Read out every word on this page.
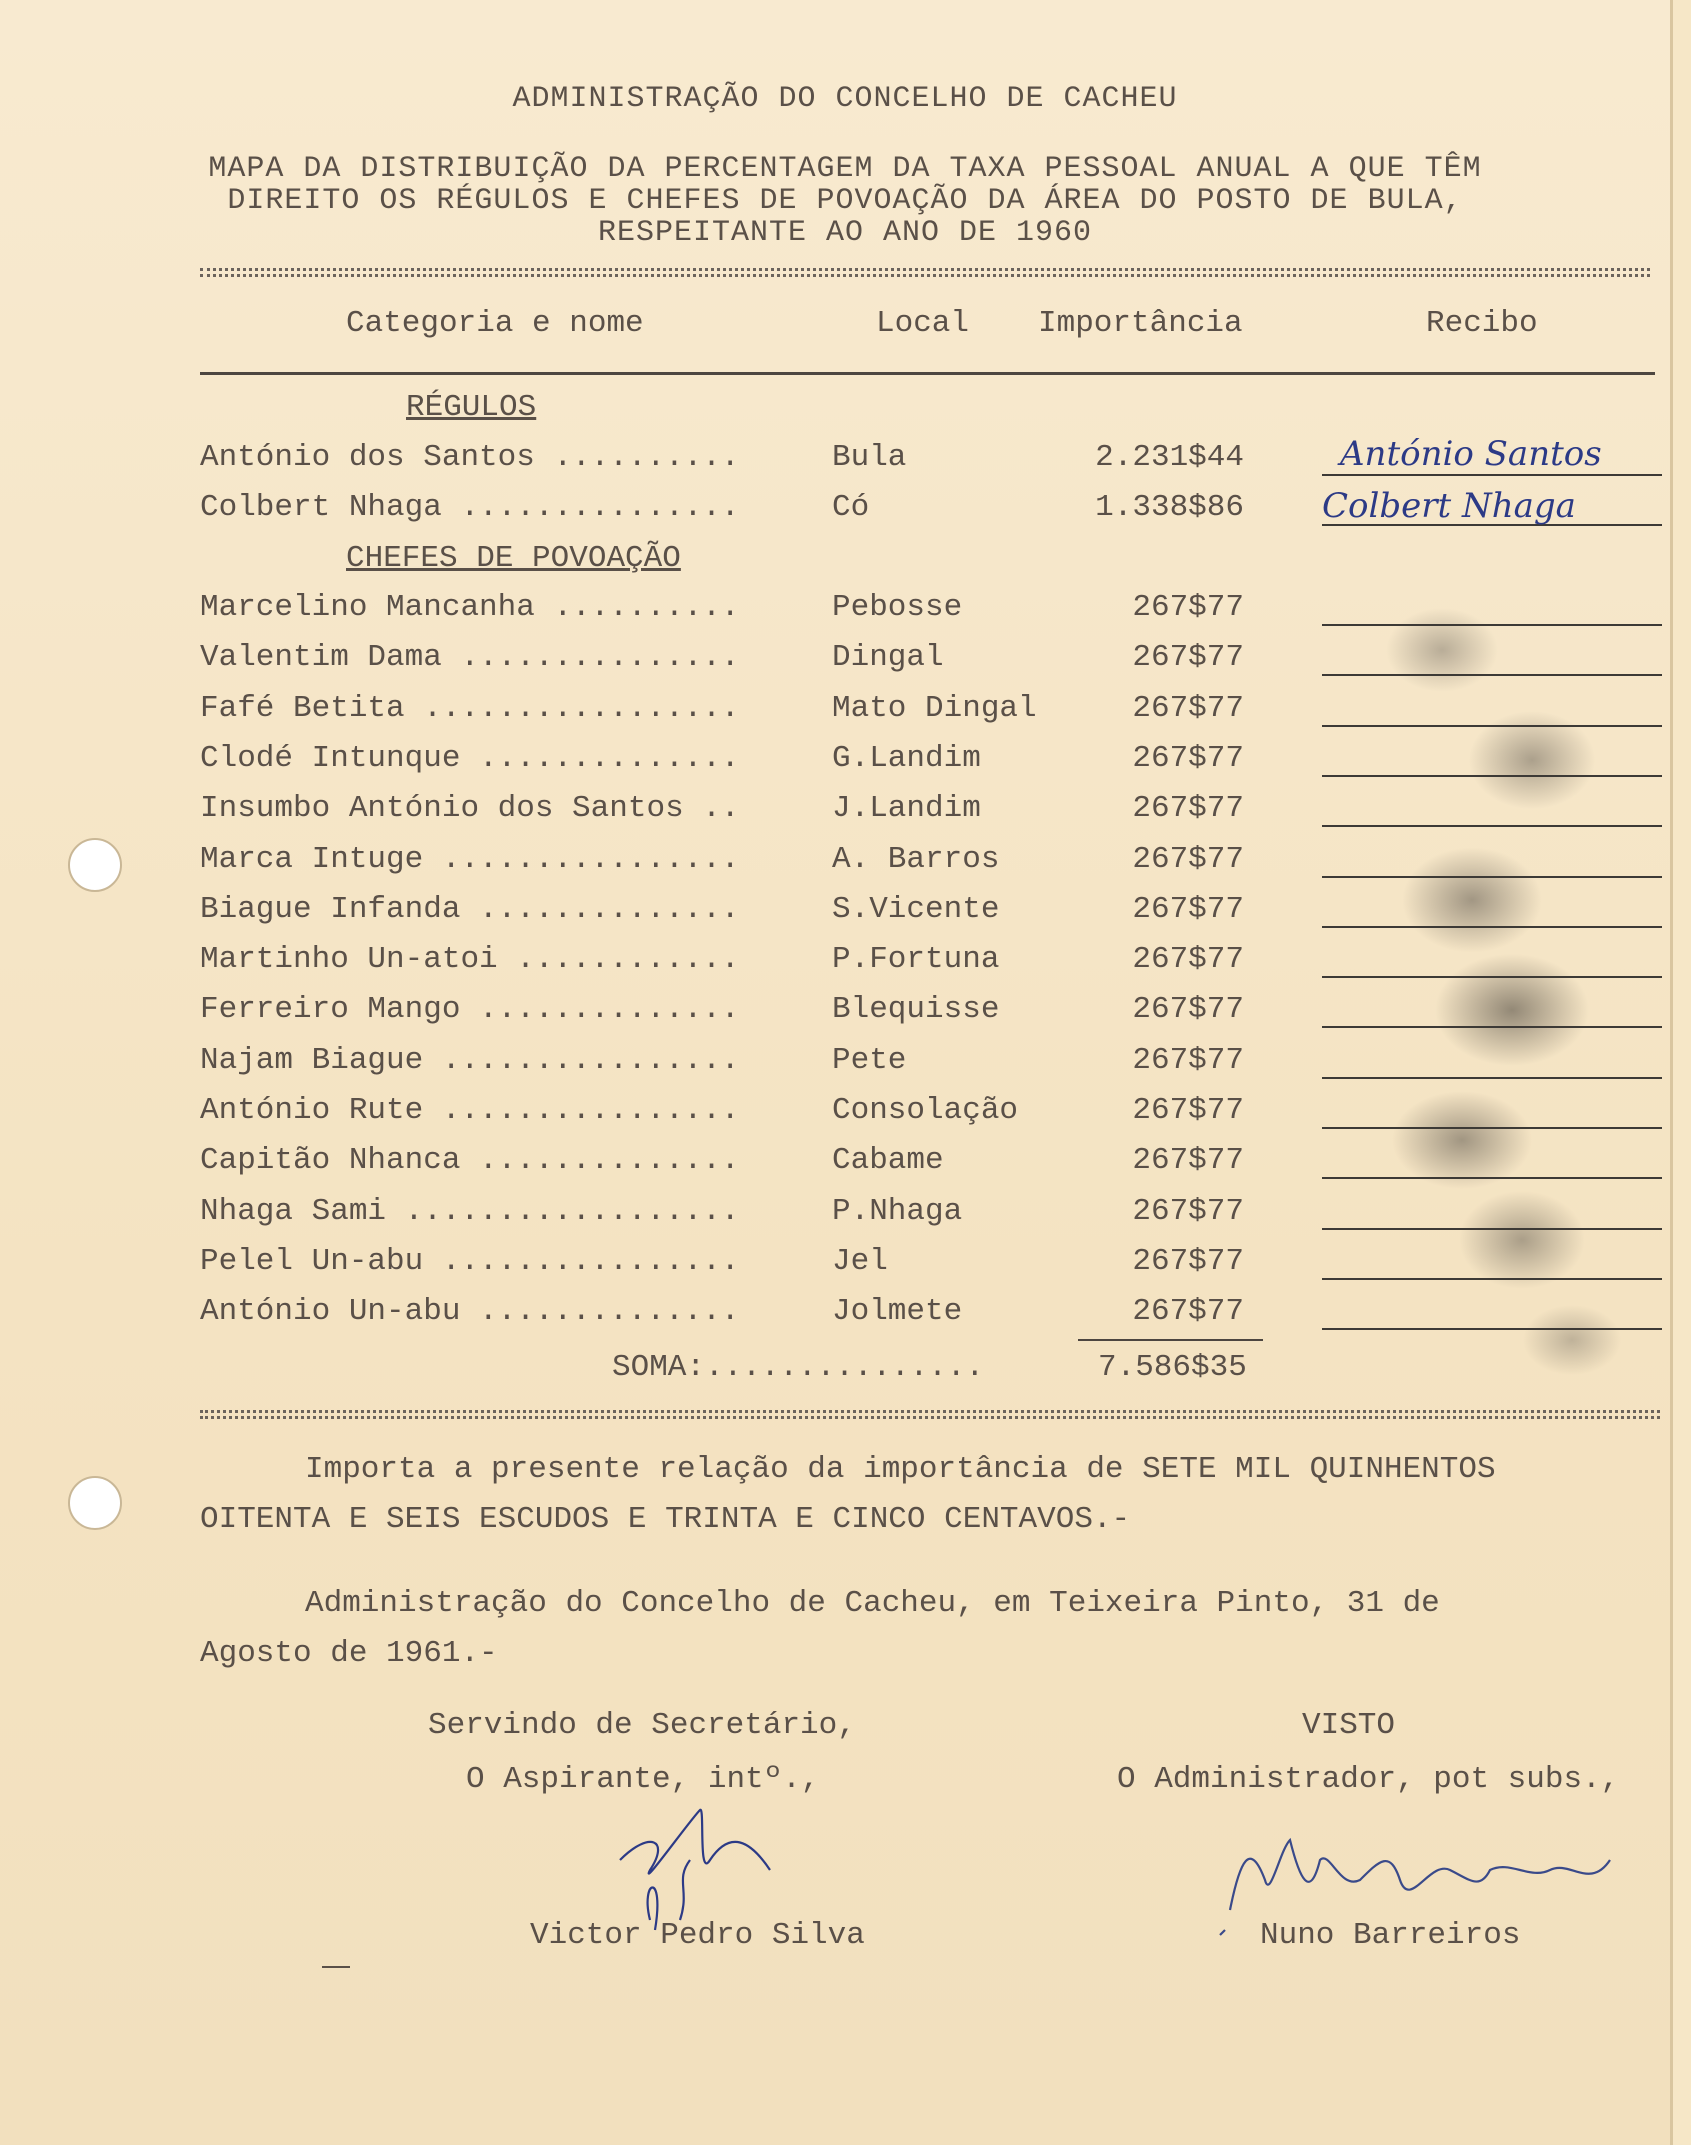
ADMINISTRAÇÃO DO CONCELHO DE CACHEU
MAPA DA DISTRIBUIÇÃO DA PERCENTAGEM DA TAXA PESSOAL ANUAL A QUE TÊM
DIREITO OS RÉGULOS E CHEFES DE POVOAÇÃO DA ÁREA DO POSTO DE BULA,
RESPEITANTE AO ANO DE 1960
Categoria e nome	Local Importância	Recibo
RÉGULOS
António dos Santos ..........	Bula	2.231$44	António Santos
Colbert Nhaga ...............	Có	1.338$86 Colbert Nhaga
CHEFES DE POVOAÇÃO
Marcelino Mancanha ..........	Pebosse	267$77
Valentim Dama ...............	Dingal	267$77
Fafé Betita .................	Mato Dingal	267$77
Clodé Intunque ..............	G.Landim	267$77
Insumbo António dos Santos ..	J.Landim	267$77
Marca Intuge ................	A. Barros	267$77
Biague Infanda ..............	S.Vicente	267$77
Martinho Un-atoi ............	P.Fortuna	267$77
Ferreiro Mango ..............	Blequisse	267$77
Najam Biague ................	Pete	267$77
António Rute ................	Consolação	267$77
Capitão Nhanca ..............	Cabame	267$77
Nhaga Sami ..................	P.Nhaga	267$77
Pelel Un-abu ................	Jel	267$77
António Un-abu ..............	Jolmete	267$77
SOMA:...............	7.586$35
Importa a presente relação da importância de SETE MIL QUINHENTOS
OITENTA E SEIS ESCUDOS E TRINTA E CINCO CENTAVOS.-
Administração do Concelho de Cacheu, em Teixeira Pinto, 31 de
Agosto de 1961.-
Servindo de Secretário,
O Aspirante, intº.,
VISTO
O Administrador, pot subs.,
Victor Pedro Silva	Nuno Barreiros
